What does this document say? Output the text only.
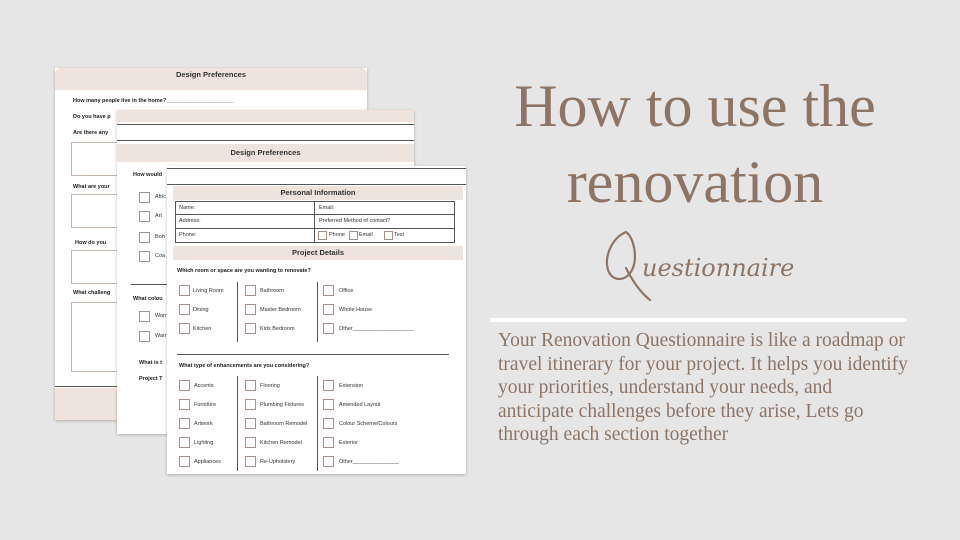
Design Preferences
How many people live in the home?______________________
Do you have p
Are there any
What are your
How do you
What challeng
Design Preferences
How would
Afric
Art
Boh
Coa
What colou
Warr
Warr
What is t
Project T
Personal Information
Name:	Email:
Address:	Preferred Method of contact?
Phone:	Phone	Email	Text
Project Details
Which room or space are you wanting to renovate?
Living Room
Dining
Kitchen
Bathroom
Master Bedroom
Kids Bedroom
Office
Whole House
Other____________________
What type of enhancements are you considering?
Accents
Furniture
Artwork
Lighting
Appliances
Flooring
Plumbing Fixtures
Bathroom Remodel
Kitchen Remodel
Re-Upholstery
Extension
Amended Layout
Colour Scheme/Colours
Exterior
Other_______________
How to use the renovation
uestionnaire
Your Renovation Questionnaire is like a roadmap or travel itinerary for your project. It helps you identify your priorities, understand your needs, and anticipate challenges before they arise, Lets go through each section together
